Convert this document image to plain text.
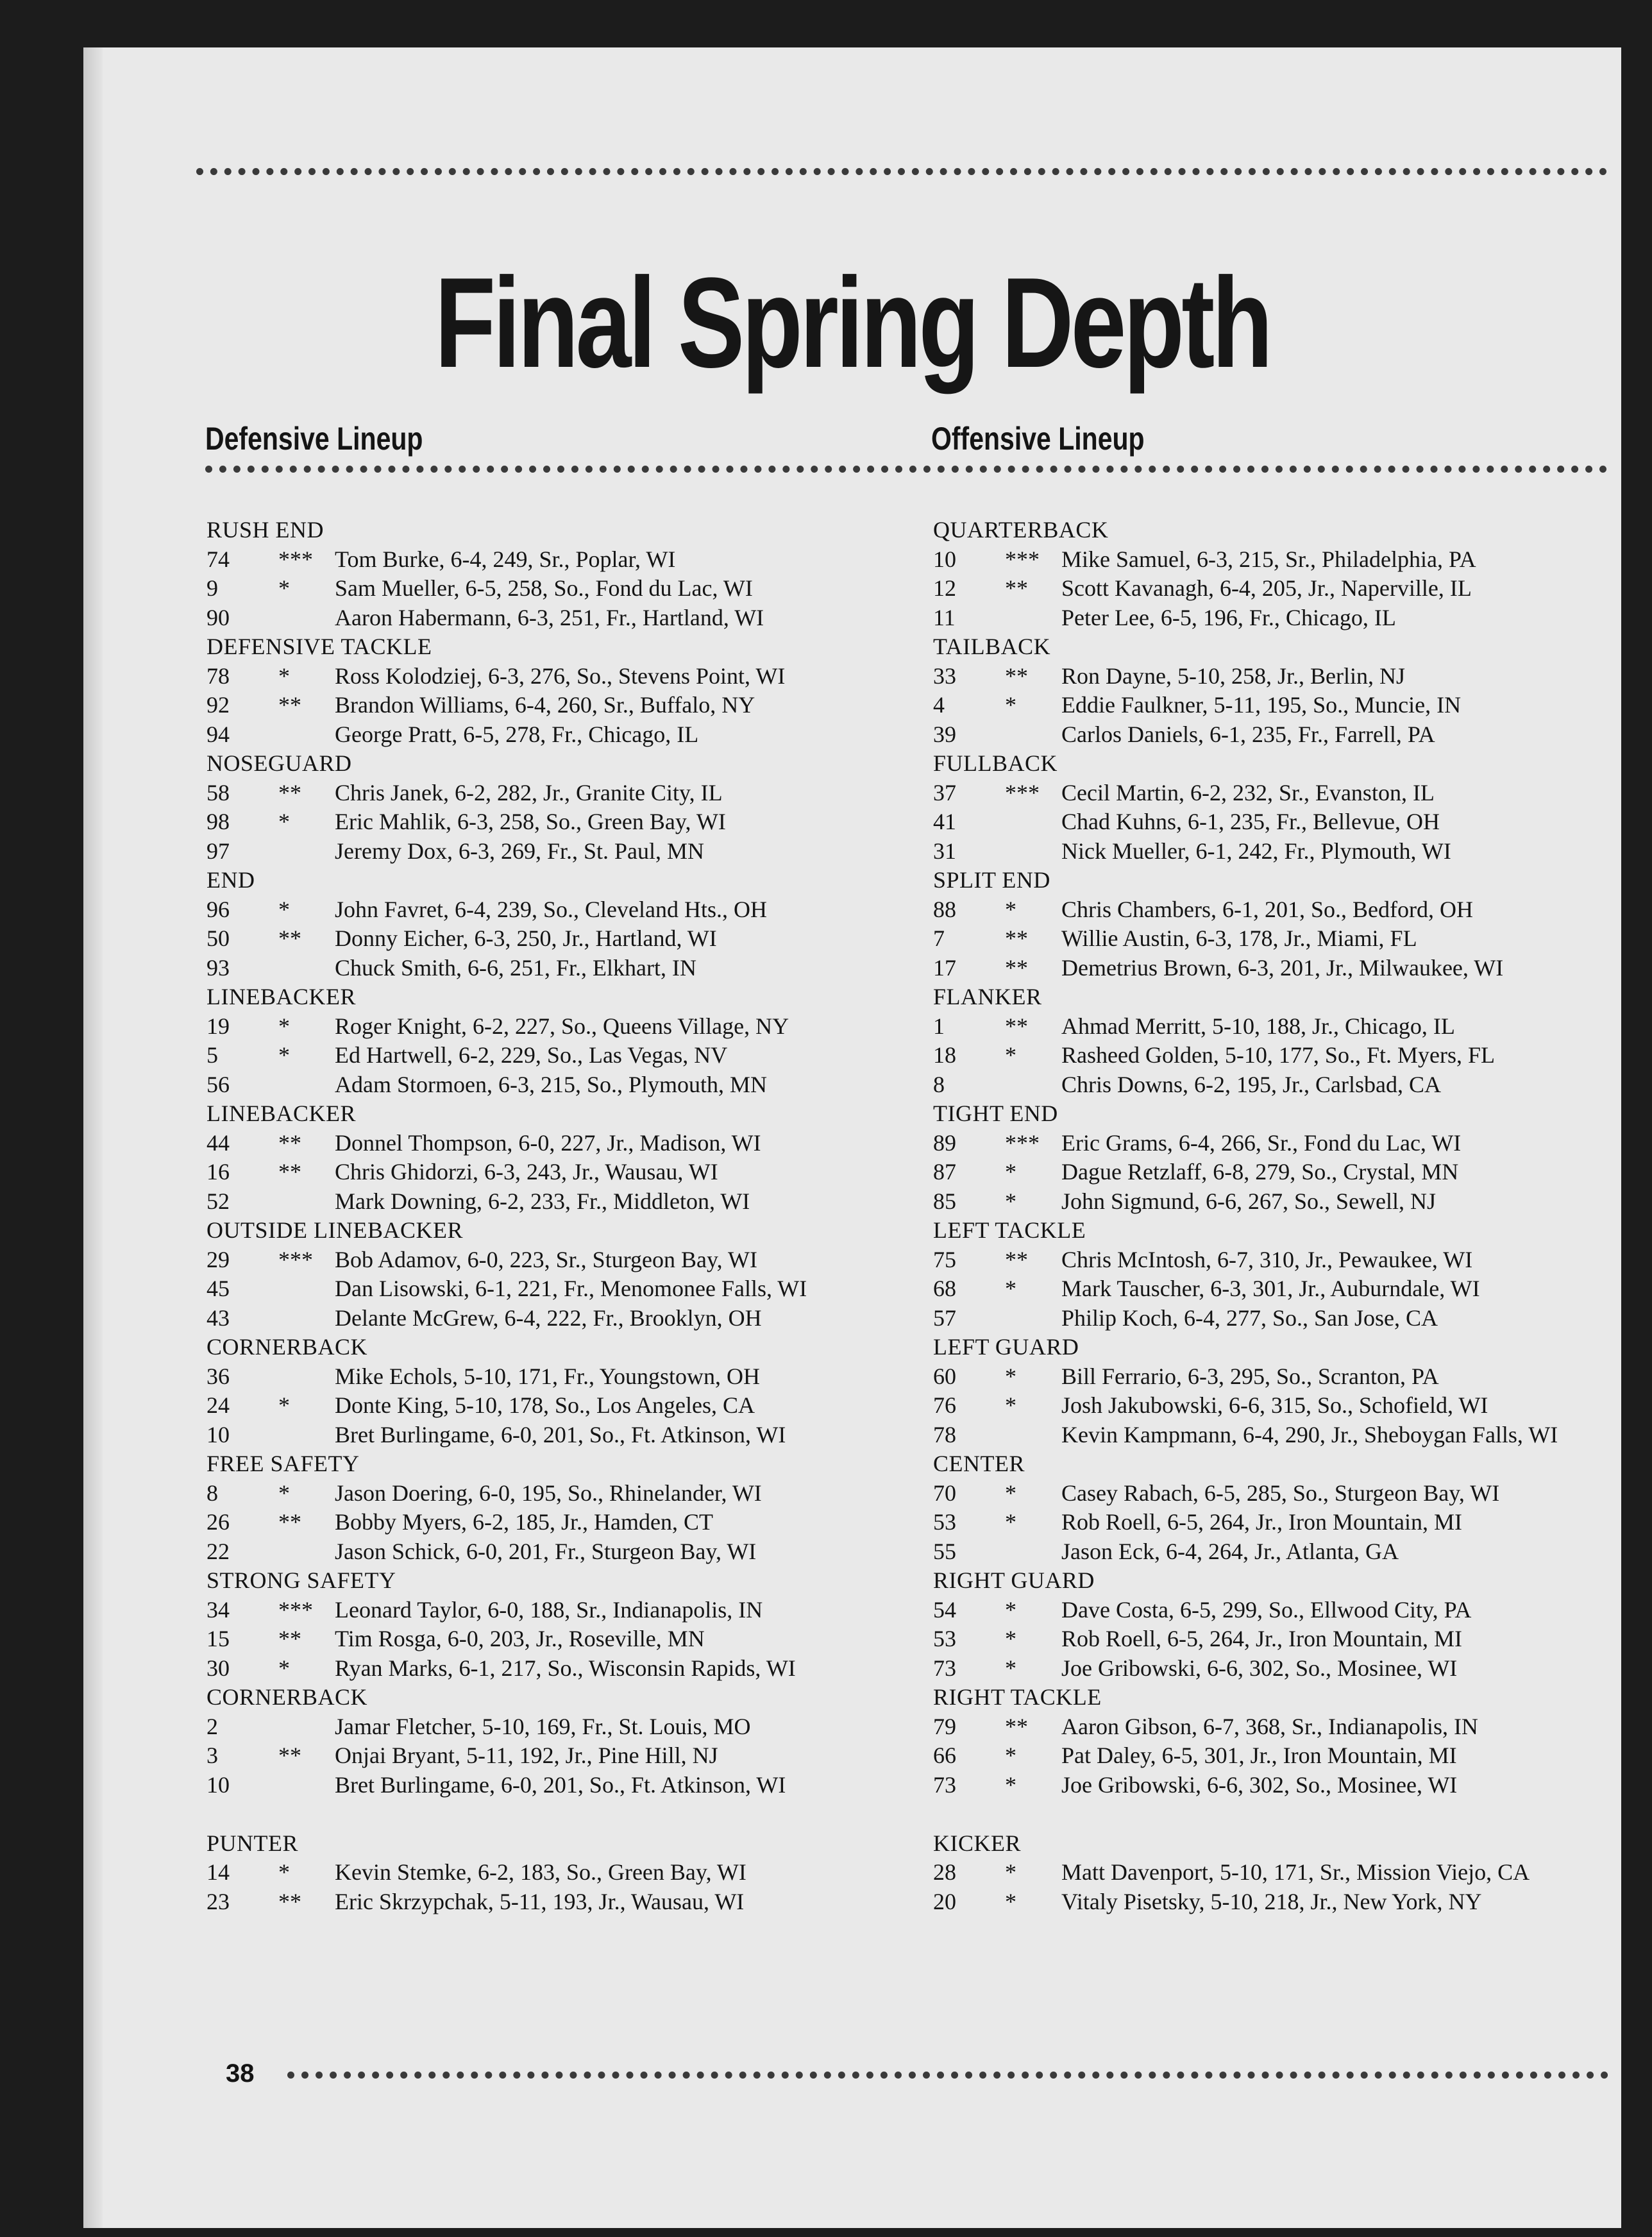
Final Spring Depth
Defensive Lineup	Offensive Lineup
RUSH END
74 *** Tom Burke, 6-4, 249, Sr., Poplar, WI
9	* Sam Mueller, 6-5, 258, So., Fond du Lac, WI
90	Aaron Habermann, 6-3, 251, Fr., Hartland, WI
DEFENSIVE TACKLE
78 * Ross Kolodziej, 6-3, 276, So., Stevens Point, WI
92 ** Brandon Williams, 6-4, 260, Sr., Buffalo, NY
94	George Pratt, 6-5, 278, Fr., Chicago, IL
NOSEGUARD
58 ** Chris Janek, 6-2, 282, Jr., Granite City, IL
98 * Eric Mahlik, 6-3, 258, So., Green Bay, WI
97	Jeremy Dox, 6-3, 269, Fr., St. Paul, MN
END
96 * John Favret, 6-4, 239, So., Cleveland Hts., OH
50 ** Donny Eicher, 6-3, 250, Jr., Hartland, WI
93	Chuck Smith, 6-6, 251, Fr., Elkhart, IN
LINEBACKER
19 * Roger Knight, 6-2, 227, So., Queens Village, NY
5	* Ed Hartwell, 6-2, 229, So., Las Vegas, NV
56	Adam Stormoen, 6-3, 215, So., Plymouth, MN
LINEBACKER
44 ** Donnel Thompson, 6-0, 227, Jr., Madison, WI
16 ** Chris Ghidorzi, 6-3, 243, Jr., Wausau, WI
52	Mark Downing, 6-2, 233, Fr., Middleton, WI
OUTSIDE LINEBACKER
29 *** Bob Adamov, 6-0, 223, Sr., Sturgeon Bay, WI
45	Dan Lisowski, 6-1, 221, Fr., Menomonee Falls, WI
43	Delante McGrew, 6-4, 222, Fr., Brooklyn, OH
CORNERBACK
36	Mike Echols, 5-10, 171, Fr., Youngstown, OH
24 * Donte King, 5-10, 178, So., Los Angeles, CA
10	Bret Burlingame, 6-0, 201, So., Ft. Atkinson, WI
FREE SAFETY
8	* Jason Doering, 6-0, 195, So., Rhinelander, WI
26 ** Bobby Myers, 6-2, 185, Jr., Hamden, CT
22	Jason Schick, 6-0, 201, Fr., Sturgeon Bay, WI
STRONG SAFETY
34 *** Leonard Taylor, 6-0, 188, Sr., Indianapolis, IN
15 ** Tim Rosga, 6-0, 203, Jr., Roseville, MN
30 * Ryan Marks, 6-1, 217, So., Wisconsin Rapids, WI
CORNERBACK
2	Jamar Fletcher, 5-10, 169, Fr., St. Louis, MO
3	** Onjai Bryant, 5-11, 192, Jr., Pine Hill, NJ
10	Bret Burlingame, 6-0, 201, So., Ft. Atkinson, WI
PUNTER
14 * Kevin Stemke, 6-2, 183, So., Green Bay, WI
23 ** Eric Skrzypchak, 5-11, 193, Jr., Wausau, WI
QUARTERBACK
10 *** Mike Samuel, 6-3, 215, Sr., Philadelphia, PA
12 ** Scott Kavanagh, 6-4, 205, Jr., Naperville, IL
11	Peter Lee, 6-5, 196, Fr., Chicago, IL
TAILBACK
33 ** Ron Dayne, 5-10, 258, Jr., Berlin, NJ
4	* Eddie Faulkner, 5-11, 195, So., Muncie, IN
39	Carlos Daniels, 6-1, 235, Fr., Farrell, PA
FULLBACK
37 *** Cecil Martin, 6-2, 232, Sr., Evanston, IL
41	Chad Kuhns, 6-1, 235, Fr., Bellevue, OH
31	Nick Mueller, 6-1, 242, Fr., Plymouth, WI
SPLIT END
88 * Chris Chambers, 6-1, 201, So., Bedford, OH
7	** Willie Austin, 6-3, 178, Jr., Miami, FL
17 ** Demetrius Brown, 6-3, 201, Jr., Milwaukee, WI
FLANKER
1	** Ahmad Merritt, 5-10, 188, Jr., Chicago, IL
18 * Rasheed Golden, 5-10, 177, So., Ft. Myers, FL
8	Chris Downs, 6-2, 195, Jr., Carlsbad, CA
TIGHT END
89 *** Eric Grams, 6-4, 266, Sr., Fond du Lac, WI
87 * Dague Retzlaff, 6-8, 279, So., Crystal, MN
85 * John Sigmund, 6-6, 267, So., Sewell, NJ
LEFT TACKLE
75 ** Chris McIntosh, 6-7, 310, Jr., Pewaukee, WI
68 * Mark Tauscher, 6-3, 301, Jr., Auburndale, WI
57	Philip Koch, 6-4, 277, So., San Jose, CA
LEFT GUARD
60 * Bill Ferrario, 6-3, 295, So., Scranton, PA
76 * Josh Jakubowski, 6-6, 315, So., Schofield, WI
78	Kevin Kampmann, 6-4, 290, Jr., Sheboygan Falls, WI
CENTER
70 * Casey Rabach, 6-5, 285, So., Sturgeon Bay, WI
53 * Rob Roell, 6-5, 264, Jr., Iron Mountain, MI
55	Jason Eck, 6-4, 264, Jr., Atlanta, GA
RIGHT GUARD
54 * Dave Costa, 6-5, 299, So., Ellwood City, PA
53 * Rob Roell, 6-5, 264, Jr., Iron Mountain, MI
73 * Joe Gribowski, 6-6, 302, So., Mosinee, WI
RIGHT TACKLE
79 ** Aaron Gibson, 6-7, 368, Sr., Indianapolis, IN
66 * Pat Daley, 6-5, 301, Jr., Iron Mountain, MI
73 * Joe Gribowski, 6-6, 302, So., Mosinee, WI
KICKER
28 * Matt Davenport, 5-10, 171, Sr., Mission Viejo, CA
20 * Vitaly Pisetsky, 5-10, 218, Jr., New York, NY
38
